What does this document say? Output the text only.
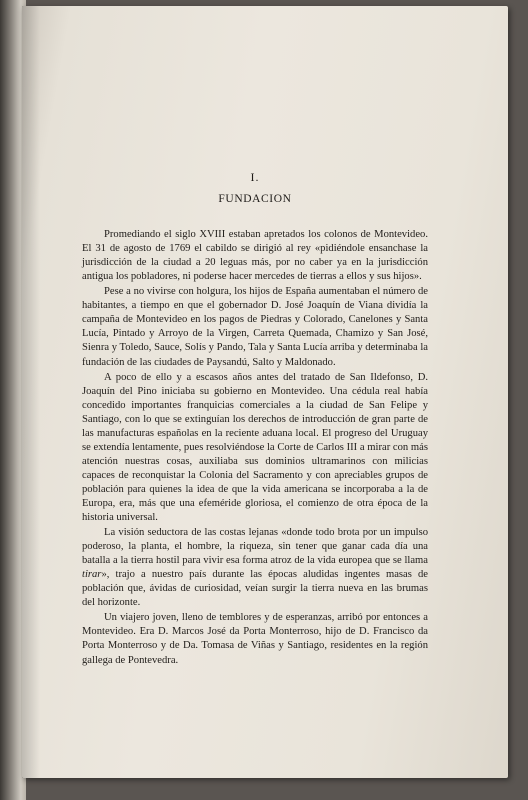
I.
FUNDACION

Promediando el siglo XVIII estaban apretados los colonos de Montevideo. El 31 de agosto de 1769 el cabildo se dirigió al rey «pidiéndole ensanchase la jurisdicción de la ciudad a 20 leguas más, por no caber ya en la jurisdicción antigua los pobladores, ni poderse hacer mercedes de tierras a ellos y sus hijos».

Pese a no vivirse con holgura, los hijos de España aumentaban el número de habitantes, a tiempo en que el gobernador D. José Joaquín de Viana dividía la campaña de Montevideo en los pagos de Piedras y Colorado, Canelones y Santa Lucía, Pintado y Arroyo de la Virgen, Carreta Quemada, Chamizo y San José, Sienra y Toledo, Sauce, Solís y Pando, Tala y Santa Lucía arriba y determinaba la fundación de las ciudades de Paysandú, Salto y Maldonado.

A poco de ello y a escasos años antes del tratado de San Ildefonso, D. Joaquín del Pino iniciaba su gobierno en Montevideo. Una cédula real había concedido importantes franquicias comerciales a la ciudad de San Felipe y Santiago, con lo que se extinguían los derechos de introducción de gran parte de las manufacturas españolas en la reciente aduana local. El progreso del Uruguay se extendía lentamente, pues resolviéndose la Corte de Carlos III a mirar con más atención nuestras cosas, auxiliaba sus dominios ultramarinos con milicias capaces de reconquistar la Colonia del Sacramento y con apreciables grupos de población para quienes la idea de que la vida americana se incorporaba a la de Europa, era, más que una efeméride gloriosa, el comienzo de otra época de la historia universal.

La visión seductora de las costas lejanas «donde todo brota por un impulso poderoso, la planta, el hombre, la riqueza, sin tener que ganar cada día una batalla a la tierra hostil para vivir esa forma atroz de la vida europea que se llama tirar», trajo a nuestro país durante las épocas aludidas ingentes masas de población que, ávidas de curiosidad, veían surgir la tierra nueva en las brumas del horizonte.

Un viajero joven, lleno de temblores y de esperanzas, arribó por entonces a Montevideo. Era D. Marcos José da Porta Monterroso, hijo de D. Francisco da Porta Monterroso y de Da. Tomasa de Viñas y Santiago, residentes en la región gallega de Pontevedra.
